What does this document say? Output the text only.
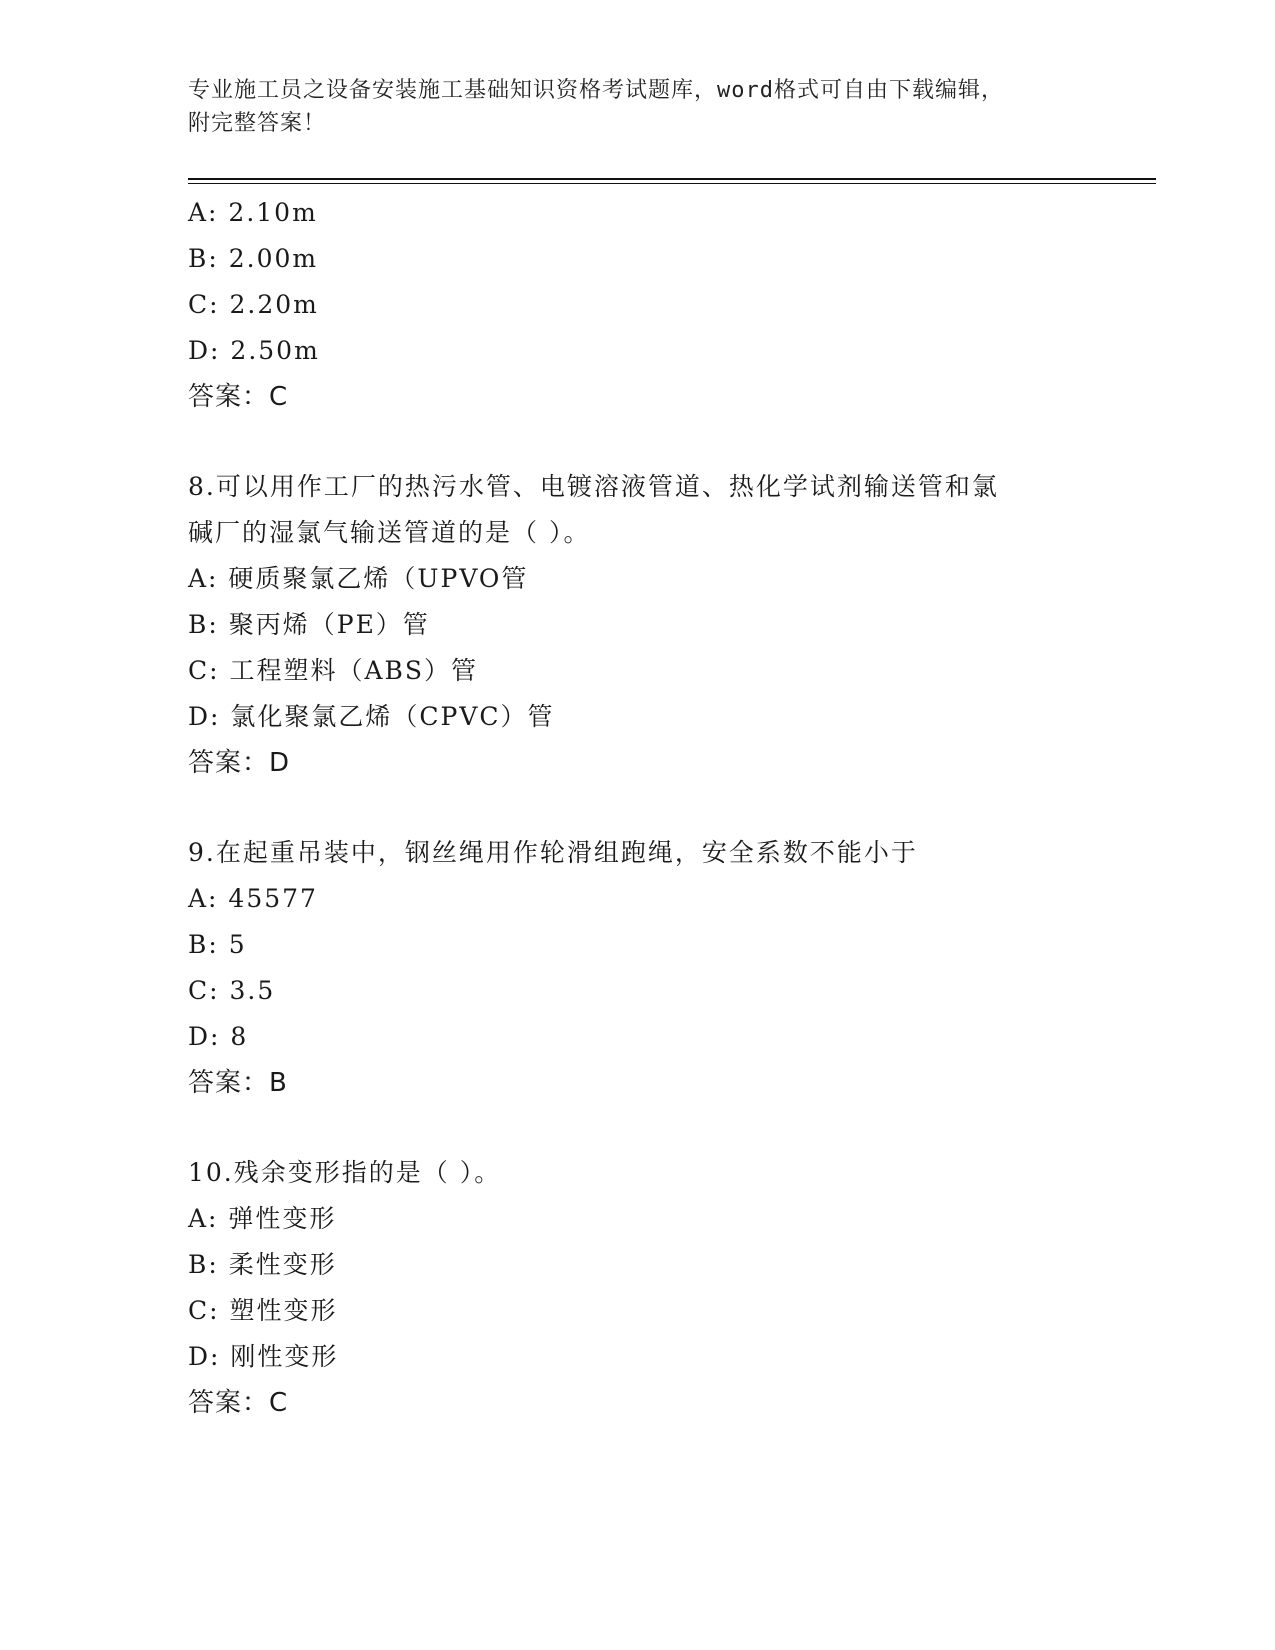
专业施工员之设备安装施工基础知识资格考试题库，word格式可自由下载编辑，
附完整答案！
A: 2.10m
B: 2.00m
C: 2.20m
D: 2.50m
答案：C
8.可以用作工厂的热污水管、电镀溶液管道、热化学试剂输送管和氯
碱厂的湿氯气输送管道的是（ ）。
A: 硬质聚氯乙烯（UPVO管
B: 聚丙烯（PE）管
C: 工程塑料（ABS）管
D: 氯化聚氯乙烯（CPVC）管
答案：D
9.在起重吊装中，钢丝绳用作轮滑组跑绳，安全系数不能小于
A: 45577
B: 5
C: 3.5
D: 8
答案：B
10.残余变形指的是（ ）。
A: 弹性变形
B: 柔性变形
C: 塑性变形
D: 刚性变形
答案：C
